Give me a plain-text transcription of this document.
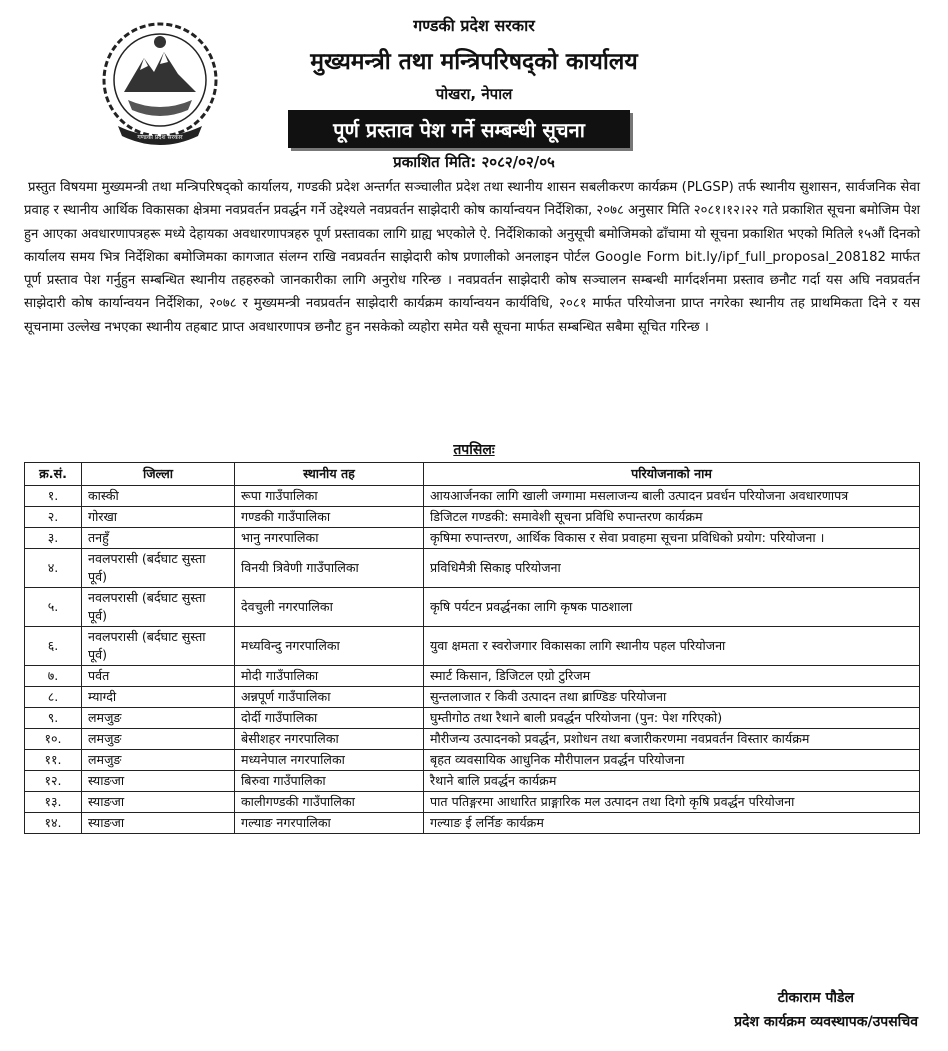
गण्डकी प्रदेश सरकार
गण्डकी प्रदेश सरकार
मुख्यमन्त्री तथा मन्त्रिपरिषद्को कार्यालय
पोखरा, नेपाल
पूर्ण प्रस्ताव पेश गर्ने सम्बन्धी सूचना
प्रकाशित मिति: २०८२/०२/०५
प्रस्तुत विषयमा मुख्यमन्त्री तथा मन्त्रिपरिषद्को कार्यालय, गण्डकी प्रदेश अन्तर्गत सञ्चालीत प्रदेश तथा स्थानीय शासन सबलीकरण कार्यक्रम (PLGSP) तर्फ स्थानीय सुशासन, सार्वजनिक सेवा प्रवाह र स्थानीय आर्थिक विकासका क्षेत्रमा नवप्रवर्तन प्रवर्द्धन गर्ने उद्देश्यले नवप्रवर्तन साझेदारी कोष कार्यान्वयन निर्देशिका, २०७८ अनुसार मिति २०८१।१२।२२ गते प्रकाशित सूचना बमोजिम पेश हुन आएका अवधारणापत्रहरू मध्ये देहायका अवधारणापत्रहरु पूर्ण प्रस्तावका लागि ग्राह्य भएकोले ऐ. निर्देशिकाको अनुसूची बमोजिमको ढाँचामा यो सूचना प्रकाशित भएको मितिले १५औं दिनको कार्यालय समय भित्र निर्देशिका बमोजिमका कागजात संलग्न राखि नवप्रवर्तन साझेदारी कोष प्रणालीको अनलाइन पोर्टल Google Form bit.ly/ipf_full_proposal_208182 मार्फत पूर्ण प्रस्ताव पेश गर्नुहुन सम्बन्धित स्थानीय तहहरुको जानकारीका लागि अनुरोध गरिन्छ । नवप्रवर्तन साझेदारी कोष सञ्चालन सम्बन्धी मार्गदर्शनमा प्रस्ताव छनौट गर्दा यस अघि नवप्रवर्तन साझेदारी कोष कार्यान्वयन निर्देशिका, २०७८ र मुख्यमन्त्री नवप्रवर्तन साझेदारी कार्यक्रम कार्यान्वयन कार्यविधि, २०८१ मार्फत परियोजना प्राप्त नगरेका स्थानीय तह प्राथमिकता दिने र यस सूचनामा उल्लेख नभएका स्थानीय तहबाट प्राप्त अवधारणापत्र छनौट हुन नसकेको व्यहोरा समेत यसै सूचना मार्फत सम्बन्धित सबैमा सूचित गरिन्छ ।
तपसिलः
क्र.सं.	जिल्ला	स्थानीय तह	परियोजनाको नाम
१.	कास्की	रूपा गाउँपालिका	आयआर्जनका लागि खाली जग्गामा मसलाजन्य बाली उत्पादन प्रवर्धन परियोजना अवधारणापत्र
२.	गोरखा	गण्डकी गाउँपालिका	डिजिटल गण्डकी: समावेशी सूचना प्रविधि रुपान्तरण कार्यक्रम
३.	तनहुँ	भानु नगरपालिका	कृषिमा रुपान्तरण, आर्थिक विकास र सेवा प्रवाहमा सूचना प्रविधिको प्रयोग: परियोजना ।
४.	नवलपरासी (बर्दघाट सुस्ता पूर्व)	विनयी त्रिवेणी गाउँपालिका	प्रविधिमैत्री सिकाइ परियोजना
५.	नवलपरासी (बर्दघाट सुस्ता पूर्व)	देवचुली नगरपालिका	कृषि पर्यटन प्रवर्द्धनका लागि कृषक पाठशाला
६.	नवलपरासी (बर्दघाट सुस्ता पूर्व)	मध्यविन्दु नगरपालिका	युवा क्षमता र स्वरोजगार विकासका लागि स्थानीय पहल परियोजना
७.	पर्वत	मोदी गाउँपालिका	स्मार्ट किसान, डिजिटल एग्रो टुरिजम
८.	म्याग्दी	अन्नपूर्ण गाउँपालिका	सुन्तलाजात र किवी उत्पादन तथा ब्राण्डिङ परियोजना
९.	लमजुङ	दोर्दी गाउँपालिका	घुम्तीगोठ तथा रैथाने बाली प्रवर्द्धन परियोजना (पुन: पेश गरिएको)
१०.	लमजुङ	बेसीशहर नगरपालिका	मौरीजन्य उत्पादनको प्रवर्द्धन, प्रशोधन तथा बजारीकरणमा नवप्रवर्तन विस्तार कार्यक्रम
११.	लमजुङ	मध्यनेपाल नगरपालिका	बृहत व्यवसायिक आधुनिक मौरीपालन प्रवर्द्धन परियोजना
१२.	स्याङजा	बिरुवा गाउँपालिका	रैथाने बालि प्रवर्द्धन कार्यक्रम
१३.	स्याङजा	कालीगण्डकी गाउँपालिका	पात पतिङ्गरमा आधारित प्राङ्गारिक मल उत्पादन तथा दिगो कृषि प्रवर्द्धन परियोजना
१४.	स्याङजा	गल्याङ नगरपालिका	गल्याङ ई लर्निङ कार्यक्रम
टीकाराम पौडेल
प्रदेश कार्यक्रम व्यवस्थापक/उपसचिव
